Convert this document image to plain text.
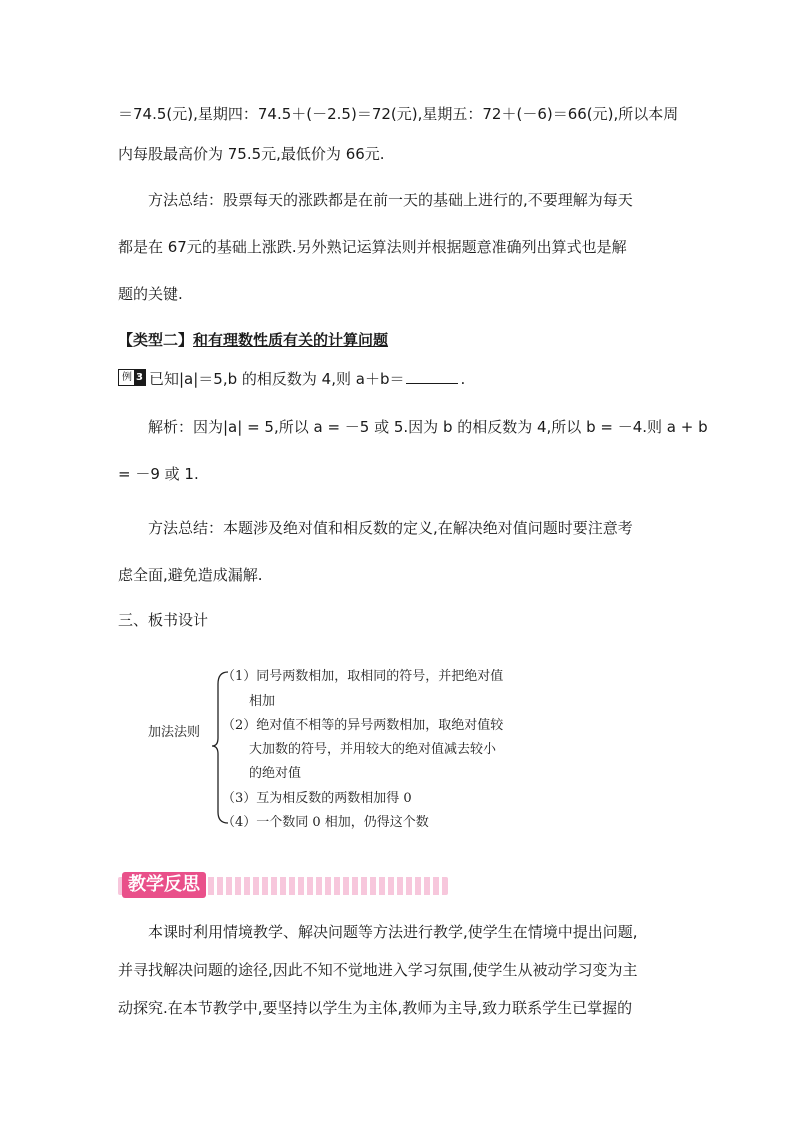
＝74.5(元),星期四：74.5＋(－2.5)＝72(元),星期五：72＋(－6)＝66(元),所以本周
内每股最高价为 75.5元,最低价为 66元.
方法总结：股票每天的涨跌都是在前一天的基础上进行的,不要理解为每天
都是在 67元的基础上涨跌.另外熟记运算法则并根据题意准确列出算式也是解
题的关键.
【类型二】和有理数性质有关的计算问题
例 3 已知|a|＝5,b 的相反数为 4,则 a＋b＝	.
解析：因为|a| = 5,所以 a = －5 或 5.因为 b 的相反数为 4,所以 b = －4.则 a + b
= －9 或 1.
方法总结：本题涉及绝对值和相反数的定义,在解决绝对值问题时要注意考
虑全面,避免造成漏解.
三、板书设计
加法法则
（1）同号两数相加，取相同的符号，并把绝对值
相加
（2）绝对值不相等的异号两数相加，取绝对值较
大加数的符号，并用较大的绝对值减去较小
的绝对值
（3）互为相反数的两数相加得 0
（4）一个数同 0 相加，仍得这个数
教学反思
本课时利用情境教学、解决问题等方法进行教学,使学生在情境中提出问题,
并寻找解决问题的途径,因此不知不觉地进入学习氛围,使学生从被动学习变为主
动探究.在本节教学中,要坚持以学生为主体,教师为主导,致力联系学生已掌握的
